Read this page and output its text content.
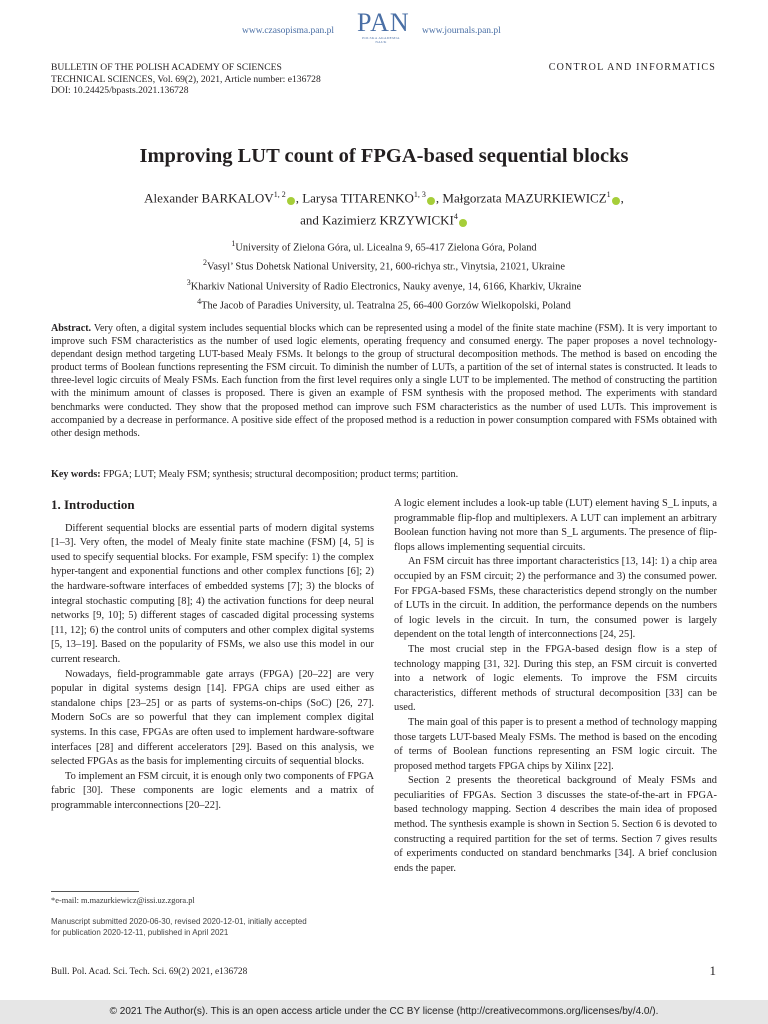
www.czasopisma.pan.pl PAN
POLSKA AKADEMIA NAUK
www.journals.pan.pl
BULLETIN OF THE POLISH ACADEMY OF SCIENCES
TECHNICAL SCIENCES, Vol. 69(2), 2021, Article number: e136728
DOI: 10.24425/bpasts.2021.136728
CONTROL AND INFORMATICS
Improving LUT count of FPGA-based sequential blocks
Alexander BARKALOV$^{1, 2}$ , Larysa TITARENKO$^{1, 3}$ , Małgorzata MAZURKIEWICZ$^1$ ,
and Kazimierz KRZYWICKI$^4$
$^1$University of Zielona Góra, ul. Licealna 9, 65-417 Zielona Góra, Poland
$^2$Vasyl’ Stus Dohetsk National University, 21, 600-richya str., Vinytsia, 21021, Ukraine
$^3$Kharkiv National University of Radio Electronics, Nauky avenye, 14, 6166, Kharkiv, Ukraine
$^4$The Jacob of Paradies University, ul. Teatralna 25, 66-400 Gorzów Wielkopolski, Poland
Abstract. Very often, a digital system includes sequential blocks which can be represented using a model of the finite state machine (FSM). It is very important to improve such FSM characteristics as the number of used logic elements, operating frequency and consumed energy. The paper proposes a novel technology-dependant design method targeting LUT-based Mealy FSMs. It belongs to the group of structural decomposition methods. The method is based on encoding the product terms of Boolean functions representing the FSM circuit. To diminish the number of LUTs, a partition of the set of internal states is constructed. It leads to three-level logic circuits of Mealy FSMs. Each function from the first level requires only a single LUT to be implemented. The method of constructing the partition with the minimum amount of classes is proposed. There is given an example of FSM synthesis with the proposed method. The experiments with standard benchmarks were conducted. They show that the proposed method can improve such FSM characteristics as the number of used LUTs. This improvement is accompanied by a decrease in performance. A positive side effect of the proposed method is a reduction in power consumption compared with FSMs obtained with other design methods.
Key words: FPGA; LUT; Mealy FSM; synthesis; structural decomposition; product terms; partition.
1. Introduction

Different sequential blocks are essential parts of modern digital systems [1–3]. Very often, the model of Mealy finite state machine (FSM) [4, 5] is used to specify sequential blocks. For example, FSM specify: 1) the complex hyper-tangent and exponential functions and other complex functions [6]; 2) the hardware-software interfaces of embedded systems [7]; 3) the blocks of integral stochastic computing [8]; 4) the activation functions for deep neural networks [9, 10]; 5) different stages of cascaded digital processing systems [11, 12]; 6) the control units of computers and other complex digital systems [5, 13–19]. Based on the popularity of FSMs, we also use this model in our current research.

Nowadays, field-programmable gate arrays (FPGA) [20–22] are very popular in digital systems design [14]. FPGA chips are used either as standalone chips [23–25] or as parts of systems-on-chips (SoC) [26, 27]. Modern SoCs are so powerful that they can implement complex digital systems. In this case, FPGAs are often used to implement hardware-software interfaces [28] and different accelerators [29]. Based on this analysis, we selected FPGAs as the basis for implementing circuits of sequential blocks.

To implement an FSM circuit, it is enough only two components of FPGA fabric [30]. These components are logic elements and a matrix of programmable interconnections [20–22].

A logic element includes a look-up table (LUT) element having S_L inputs, a programmable flip-flop and multiplexers. A LUT can implement an arbitrary Boolean function having not more than S_L arguments. The presence of flip-flops allows implementing sequential circuits.

An FSM circuit has three important characteristics [13, 14]: 1) a chip area occupied by an FSM circuit; 2) the performance and 3) the consumed power. For FPGA-based FSMs, these characteristics depend strongly on the number of LUTs in the circuit. In addition, the performance depends on the numbers of logic levels in the circuit. In turn, the consumed power is largely dependent on the total length of interconnections [24, 25].

The most crucial step in the FPGA-based design flow is a step of technology mapping [31, 32]. During this step, an FSM circuit is converted into a network of logic elements. To improve the FSM circuits characteristics, different methods of structural decomposition [33] can be used.

The main goal of this paper is to present a method of technology mapping those targets LUT-based Mealy FSMs. The method is based on the encoding of terms of Boolean functions representing an FSM logic circuit. The proposed method targets FPGA chips by Xilinx [22].

Section 2 presents the theoretical background of Mealy FSMs and peculiarities of FPGAs. Section 3 discusses the state-of-the-art in FPGA-based technology mapping. Section 4 describes the main idea of proposed method. The synthesis example is shown in Section 5. Section 6 is devoted to constructing a required partition for the set of terms. Section 7 gives results of experiments conducted on standard benchmarks [34]. A brief conclusion ends the paper.

*e-mail: m.mazurkiewicz@issi.uz.zgora.pl
Manuscript submitted 2020-06-30, revised 2020-12-01, initially accepted
for publication 2020-12-11, published in April 2021
Bull. Pol. Acad. Sci. Tech. Sci. 69(2) 2021, e136728	1
© 2021 The Author(s). This is an open access article under the CC BY license (http://creativecommons.org/licenses/by/4.0/).
